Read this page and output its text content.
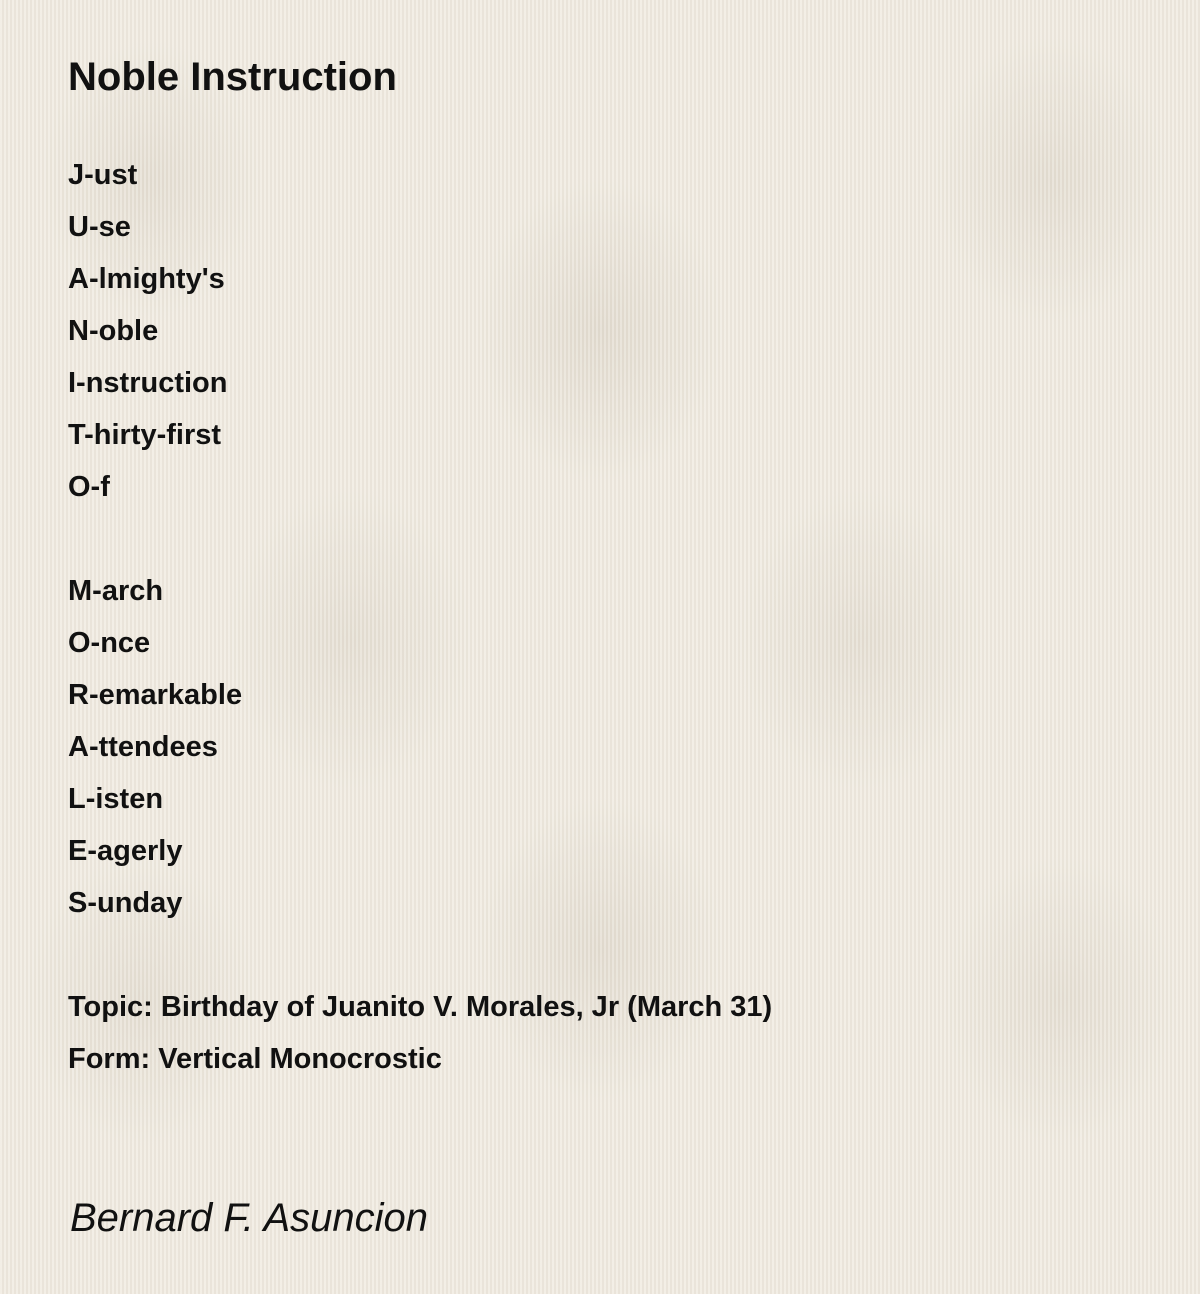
Noble Instruction
J-ust
U-se
A-lmighty's
N-oble
I-nstruction
T-hirty-first
O-f
M-arch
O-nce
R-emarkable
A-ttendees
L-isten
E-agerly
S-unday
Topic: Birthday of Juanito V. Morales, Jr (March 31)
Form: Vertical Monocrostic
Bernard F. Asuncion
